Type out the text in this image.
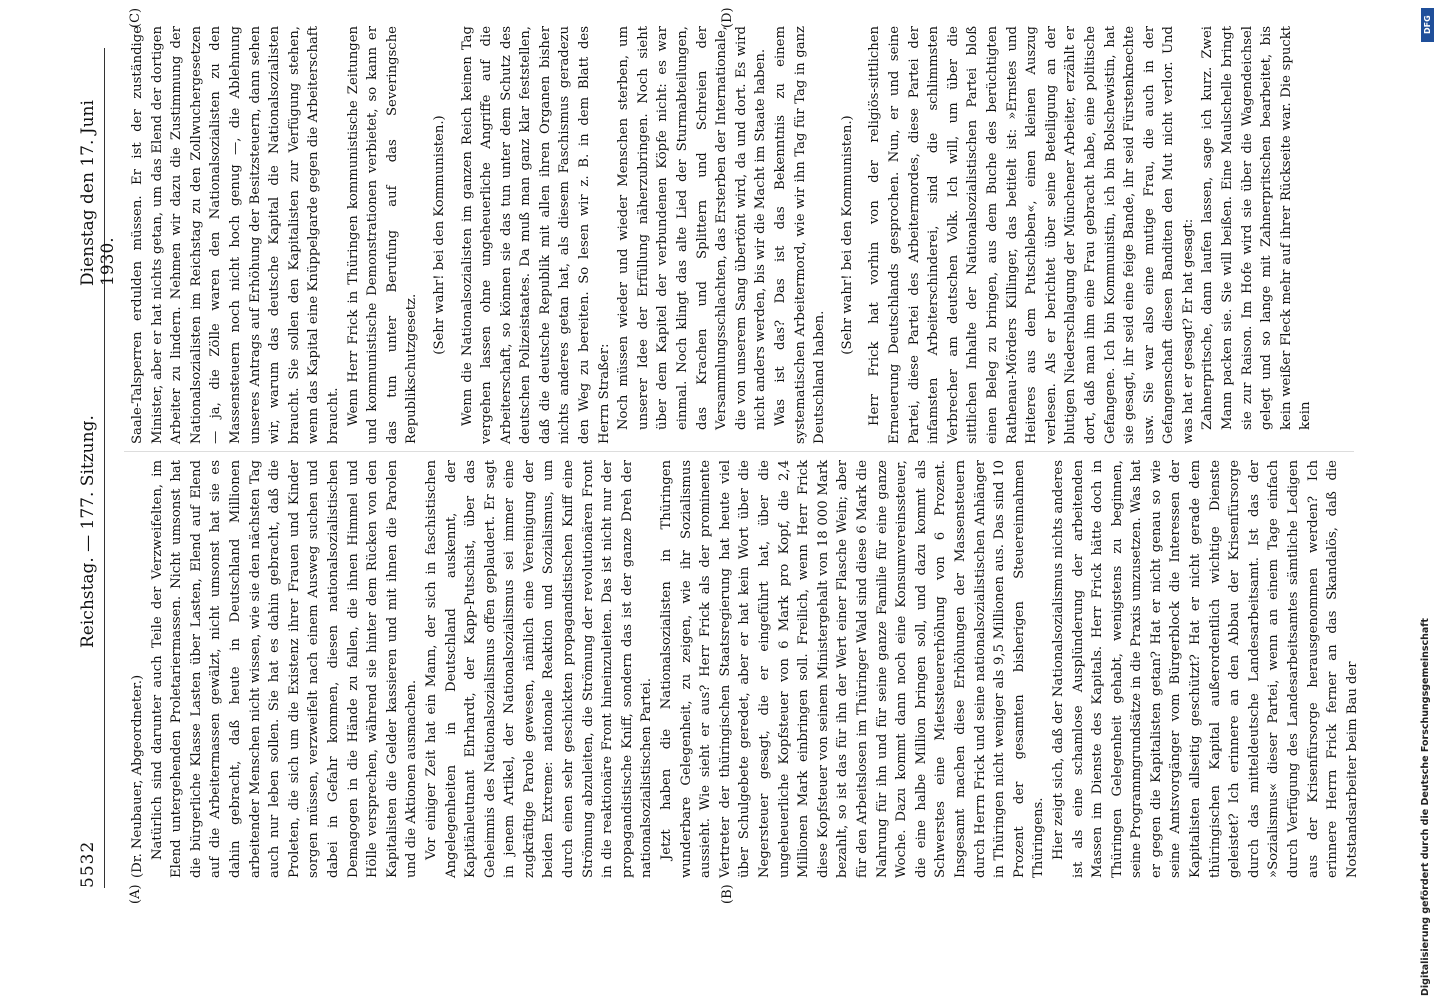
5532
Reichstag. — 177. Sitzung.
Dienstag den 17. Juni 1930.
(A)	(B)
(C)	(D)

(Dr. Neubauer, Abgeordneter.) Natürlich sind darunter auch Teile der Verzweifelten, im Elend untergehenden Proletariermassen. Nicht umsonst hat die bürgerliche Klasse Lasten über Lasten, Elend auf Elend auf die Arbeitermassen gewälzt, nicht umsonst hat sie es dahin gebracht, daß heute in Deutschland Millionen arbeitender Menschen nicht wissen, wie sie den nächsten Tag auch nur leben sollen. Sie hat es dahin gebracht, daß die Proleten, die sich um die Existenz ihrer Frauen und Kinder sorgen müssen, verzweifelt nach einem Ausweg suchen und dabei in Gefahr kommen, diesen nationalsozialistischen Demagogen in die Hände zu fallen, die ihnen Himmel und Hölle versprechen, während sie hinter dem Rücken von den Kapitalisten die Gelder kassieren und mit ihnen die Parolen und die Aktionen ausmachen. Vor einiger Zeit hat ein Mann, der sich in faschistischen Angelegenheiten in Deutschland auskennt, der Kapitänleutnant Ehrhardt, der Kapp-Putschist, über das Geheimnis des Nationalsozialismus offen geplaudert. Er sagt in jenem Artikel, der Nationalsozialismus sei immer eine zugkräftige Parole gewesen, nämlich eine Vereinigung der beiden Extreme: nationale Reaktion und Sozialismus, um durch einen sehr geschickten propagandistischen Kniff eine Strömung abzuleiten, die Strömung der revolutionären Front in die reaktionäre Front hineinzuleiten. Das ist nicht nur der propagandistische Kniff, sondern das ist der ganze Dreh der nationalsozialistischen Partei. Jetzt haben die Nationalsozialisten in Thüringen wunderbare Gelegenheit, zu zeigen, wie ihr Sozialismus aussieht. Wie sieht er aus? Herr Frick als der prominente Vertreter der thüringischen Staatsregierung hat heute viel über Schulgebete geredet, aber er hat kein Wort über die Negersteuer gesagt, die er eingeführt hat, über die ungeheuerliche Kopfsteuer von 6 Mark pro Kopf, die 2,4 Millionen Mark einbringen soll. Freilich, wenn Herr Frick diese Kopfsteuer von seinem Ministergehalt von 18 000 Mark bezahlt, so ist das für ihn der Wert einer Flasche Wein; aber für den Arbeitslosen im Thüringer Wald sind diese 6 Mark die Nahrung für ihn und für seine ganze Familie für eine ganze Woche. Dazu kommt dann noch eine Konsumvereinssteuer, die eine halbe Million bringen soll, und dazu kommt als Schwerstes eine Mietssteuererhöhung von 6 Prozent. Insgesamt machen diese Erhöhungen der Massensteuern durch Herrn Frick und seine nationalsozialistischen Anhänger in Thüringen nicht weniger als 9,5 Millionen aus. Das sind 10 Prozent der gesamten bisherigen Steuereinnahmen Thüringens. Hier zeigt sich, daß der Nationalsozialismus nichts anderes ist als eine schamlose Ausplünderung der arbeitenden Massen im Dienste des Kapitals. Herr Frick hätte doch in Thüringen Gelegenheit gehabt, wenigstens zu beginnen, seine Programmgrundsätze in die Praxis umzusetzen. Was hat er gegen die Kapitalisten getan? Hat er nicht genau so wie seine Amtsvorgänger vom Bürgerblock die Interessen der Kapitalisten allseitig geschützt? Hat er nicht gerade dem thüringischen Kapital außerordentlich wichtige Dienste geleistet? Ich erinnere an den Abbau der Krisenfürsorge durch das mitteldeutsche Landesarbeitsamt. Ist das der »Sozialismus« dieser Partei, wenn an einem Tage einfach durch Verfügung des Landesarbeitsamtes sämtliche Ledigen aus der Krisenfürsorge herausgenommen werden? Ich erinnere Herrn Frick ferner an das Skandalös, daß die Notstandsarbeiter beim Bau der

Saale-Talsperren erdulden müssen. Er ist der zuständige Minister, aber er hat nichts getan, um das Elend der dortigen Arbeiter zu lindern. Nehmen wir dazu die Zustimmung der Nationalsozialisten im Reichstag zu den Zollwuchergesetzen — ja, die Zölle waren den Nationalsozialisten zu den Massensteuern noch nicht hoch genug —, die Ablehnung unseres Antrags auf Erhöhung der Besitzsteuern, dann sehen wir, warum das deutsche Kapital die Nationalsozialisten braucht. Sie sollen den Kapitalisten zur Verfügung stehen, wenn das Kapital eine Knüppelgarde gegen die Arbeiterschaft braucht. Wenn Herr Frick in Thüringen kommunistische Zeitungen und kommunistische Demonstrationen verbietet, so kann er das tun unter Berufung auf das Severingsche Republikschutzgesetz.

(Sehr wahr! bei den Kommunisten.) Wenn die Nationalsozialisten im ganzen Reich keinen Tag vergehen lassen ohne ungeheuerliche Angriffe auf die Arbeiterschaft, so können sie das tun unter dem Schutz des deutschen Polizeistaates. Da muß man ganz klar feststellen, daß die deutsche Republik mit allen ihren Organen bisher nichts anderes getan hat, als diesem Faschismus geradezu den Weg zu bereiten. So lesen wir z. B. in dem Blatt des Herrn Straßer: Noch müssen wieder und wieder Menschen sterben, um unserer Idee der Erfüllung näherzubringen. Noch sieht über dem Kapitel der verbundenen Köpfe nicht: es war einmal. Noch klingt das alte Lied der Sturmabteilungen, das Krachen und Splittern und Schreien der Versammlungsschlachten, das Ersterben der Internationale, die von unserem Sang übertönt wird, da und dort. Es wird nicht anders werden, bis wir die Macht im Staate haben. Was ist das? Das ist das Bekenntnis zu einem systematischen Arbeitermord, wie wir ihn Tag für Tag in ganz Deutschland haben.

(Sehr wahr! bei den Kommunisten.) Herr Frick hat vorhin von der religiös-sittlichen Erneuerung Deutschlands gesprochen. Nun, er und seine Partei, diese Partei des Arbeitermordes, diese Partei der infamsten Arbeiterschinderei, sind die schlimmsten Verbrecher am deutschen Volk. Ich will, um über die sittlichen Inhalte der Nationalsozialistischen Partei bloß einen Beleg zu bringen, aus dem Buche des berüchtigten Rathenau-Mörders Killinger, das betitelt ist: »Ernstes und Heiteres aus dem Putschleben«, einen kleinen Auszug verlesen. Als er berichtet über seine Beteiligung an der blutigen Niederschlagung der Münchener Arbeiter, erzählt er dort, daß man ihm eine Frau gebracht habe, eine politische Gefangene. Ich bin Kommunistin, ich bin Bolschewistin, hat sie gesagt, ihr seid eine feige Bande, ihr seid Fürstenknechte usw. Sie war also eine mutige Frau, die auch in der Gefangenschaft diesen Banditen den Mut nicht verlor. Und was hat er gesagt? Er hat gesagt: Zahnerpritsche, dann laufen lassen, sage ich kurz. Zwei Mann packen sie. Sie will beißen. Eine Maulschelle bringt sie zur Raison. Im Hofe wird sie über die Wagendeichsel gelegt und so lange mit Zahnerpritschen bearbeitet, bis kein weißer Fleck mehr auf ihrer Rückseite war. Die spuckt kein

DFG
Digitalisierung gefördert durch die Deutsche Forschungsgemeinschaft
